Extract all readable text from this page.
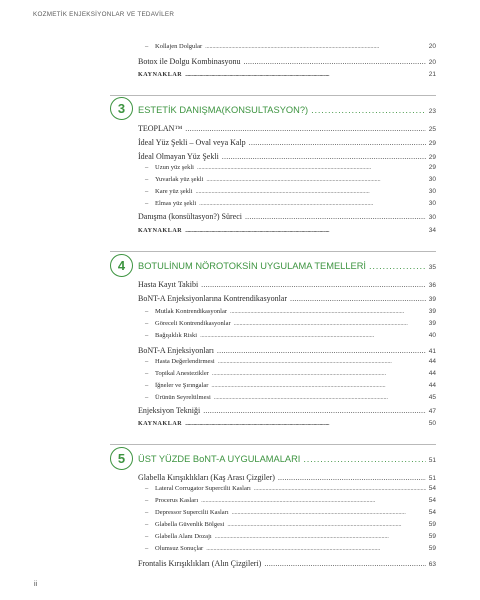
KOZMETİK ENJEKSİYONLAR VE TEDAVİLER
– Kollajen Dolgular . . .	20
Botox ile Dolgu Kombinasyonu . . .	20
KAYNAKLAR . . .	21
3	ESTETİK DANIŞMA(KONSULTASYON?) . . .	23
TEOPLAN™ . . .	25
İdeal Yüz Şekli – Oval veya Kalp . . .	29
İdeal Olmayan Yüz Şekli . . .	29
– Uzun yüz şekli . . .	29
– Yuvarlak yüz şekli . . .	30
– Kare yüz şekli . . .	30
– Elmas yüz şekli . . .	30
Danışma (konsültasyon?) Süreci . . .	30
KAYNAKLAR . . .	34
4	BOTULİNUM NÖROTOKSİN UYGULAMA TEMELLERİ . . .	35
Hasta Kayıt Takibi . . .	36
BoNT-A Enjeksiyonlarına Kontrendikasyonlar . . .	39
– Mutlak Kontrendikasyonlar . . .	39
– Göreceli Kontrendikasyonlar . . .	39
– Bağışıklık Riski . . .	40
BoNT-A Enjeksiyonları . . .	41
– Hasta Değerlendirmesi . . .	44
– Topikal Anestezikler . . .	44
– İğneler ve Şırıngalar . . .	44
– Ürünün Seyreltilmesi . . .	45
Enjeksiyon Tekniği . . .	47
KAYNAKLAR . . .	50
5	ÜST YÜZDE BoNT-A UYGULAMALARI . . .	51
Glabella Kırışıklıkları (Kaş Arası Çizgiler) . . .	51
– Lateral Corrugator Supercilii Kasları . . .	54
– Procerus Kasları . . .	54
– Depressor Supercilii Kasları . . .	54
– Glabella Güvenlik Bölgesi . . .	59
– Glabella Alanı Dozajı . . .	59
– Olumsuz Sonuçlar . . .	59
Frontalis Kırışıklıkları (Alın Çizgileri) . . .	63
ii
